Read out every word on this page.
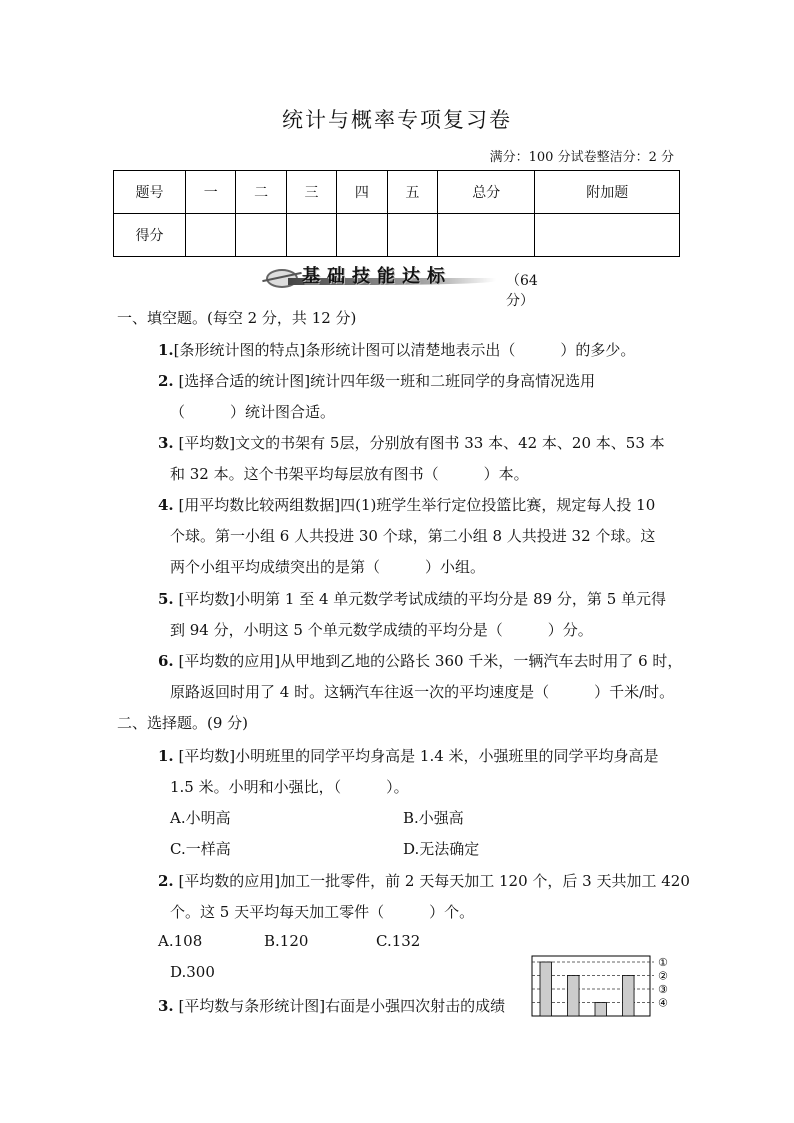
统计与概率专项复习卷
满分：100 分试卷整洁分：2 分
题号	一	二	三	四	五	总分	附加题
得分							
基础技能达标	（64 分）
一、填空题。(每空 2 分，共 12 分)
1.[条形统计图的特点]条形统计图可以清楚地表示出（　　　）的多少。
2. [选择合适的统计图]统计四年级一班和二班同学的身高情况选用
（　　　）统计图合适。
3. [平均数]文文的书架有 5层，分别放有图书 33 本、42 本、20 本、53 本
和 32 本。这个书架平均每层放有图书（　　　）本。
4. [用平均数比较两组数据]四(1)班学生举行定位投篮比赛，规定每人投 10
个球。第一小组 6 人共投进 30 个球，第二小组 8 人共投进 32 个球。这
两个小组平均成绩突出的是第（　　　）小组。
5. [平均数]小明第 1 至 4 单元数学考试成绩的平均分是 89 分，第 5 单元得
到 94 分，小明这 5 个单元数学成绩的平均分是（　　　）分。
6. [平均数的应用]从甲地到乙地的公路长 360 千米，一辆汽车去时用了 6 时，
原路返回时用了 4 时。这辆汽车往返一次的平均速度是（　　　）千米/时。
二、选择题。(9 分)
1. [平均数]小明班里的同学平均身高是 1.4 米，小强班里的同学平均身高是
1.5 米。小明和小强比，（　　　）。
A.小明高	B.小强高
C.一样高	D.无法确定
2. [平均数的应用]加工一批零件，前 2 天每天加工 120 个，后 3 天共加工 420
个。这 5 天平均每天加工零件（　　　）个。
A.108	B.120	C.132
D.300
3. [平均数与条形统计图]右面是小强四次射击的成绩
①
②
③
④
